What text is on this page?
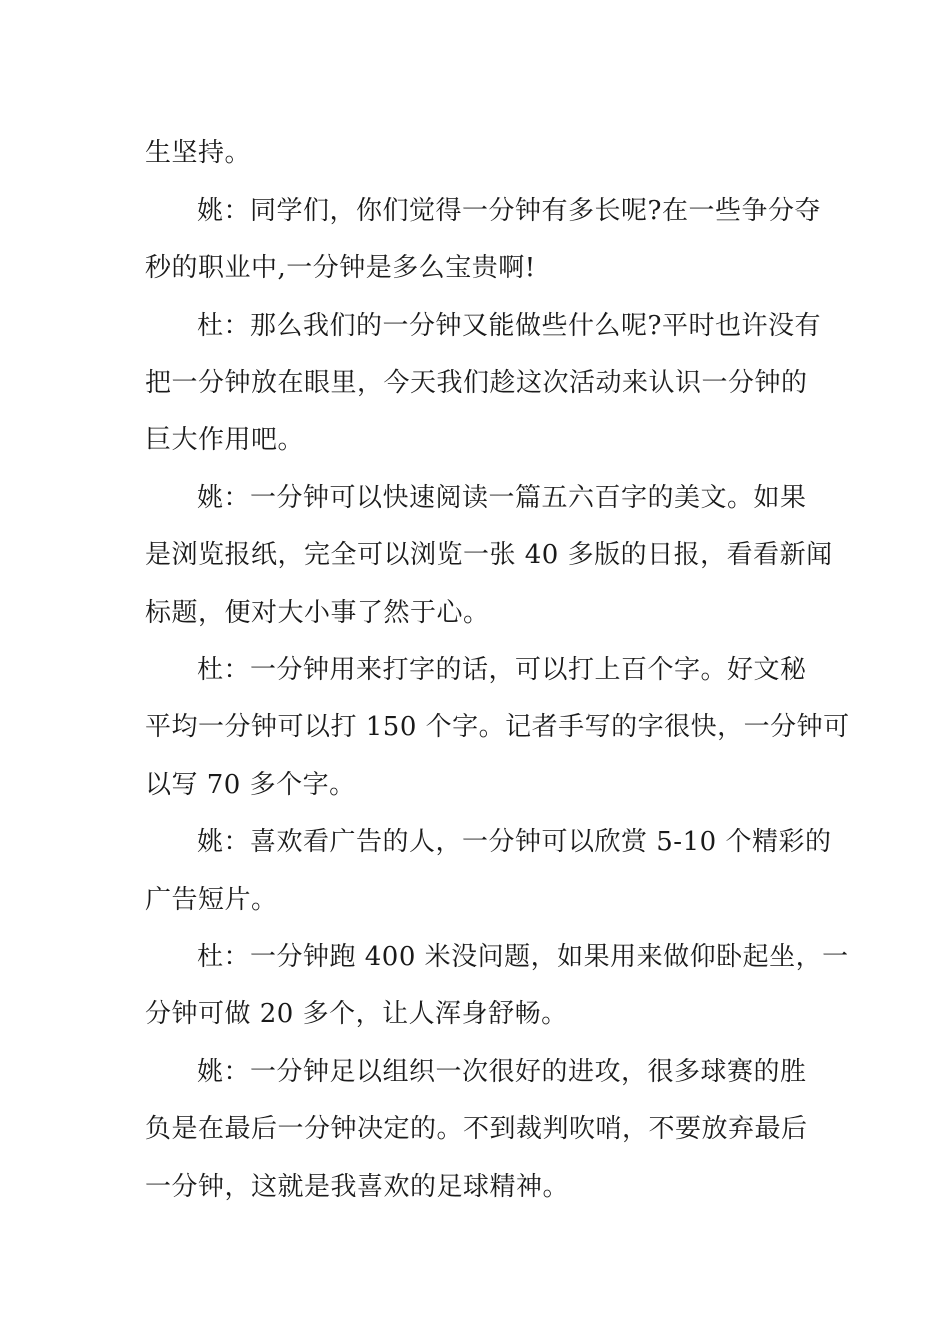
生坚持。
姚：同学们，你们觉得一分钟有多长呢?在一些争分夺
秒的职业中,一分钟是多么宝贵啊!
杜：那么我们的一分钟又能做些什么呢?平时也许没有
把一分钟放在眼里，今天我们趁这次活动来认识一分钟的
巨大作用吧。
姚：一分钟可以快速阅读一篇五六百字的美文。如果
是浏览报纸，完全可以浏览一张 40 多版的日报，看看新闻
标题，便对大小事了然于心。
杜：一分钟用来打字的话，可以打上百个字。好文秘
平均一分钟可以打 150 个字。记者手写的字很快，一分钟可
以写 70 多个字。
姚：喜欢看广告的人，一分钟可以欣赏 5-10 个精彩的
广告短片。
杜：一分钟跑 400 米没问题，如果用来做仰卧起坐，一
分钟可做 20 多个，让人浑身舒畅。
姚：一分钟足以组织一次很好的进攻，很多球赛的胜
负是在最后一分钟决定的。不到裁判吹哨，不要放弃最后
一分钟，这就是我喜欢的足球精神。
